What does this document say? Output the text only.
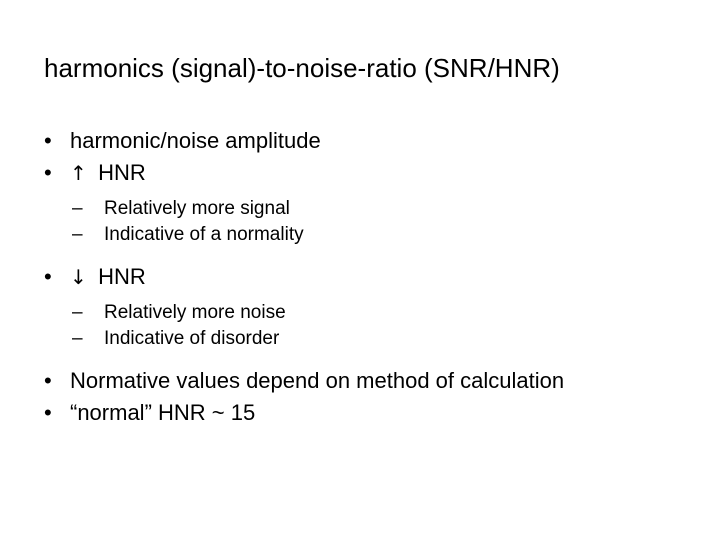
harmonics (signal)-to-noise-ratio (SNR/HNR)
• harmonic/noise amplitude
• ↑ HNR
– Relatively more signal
– Indicative of a normality
• ↓ HNR
– Relatively more noise
– Indicative of disorder
• Normative values depend on method of calculation
• “normal” HNR ~ 15
